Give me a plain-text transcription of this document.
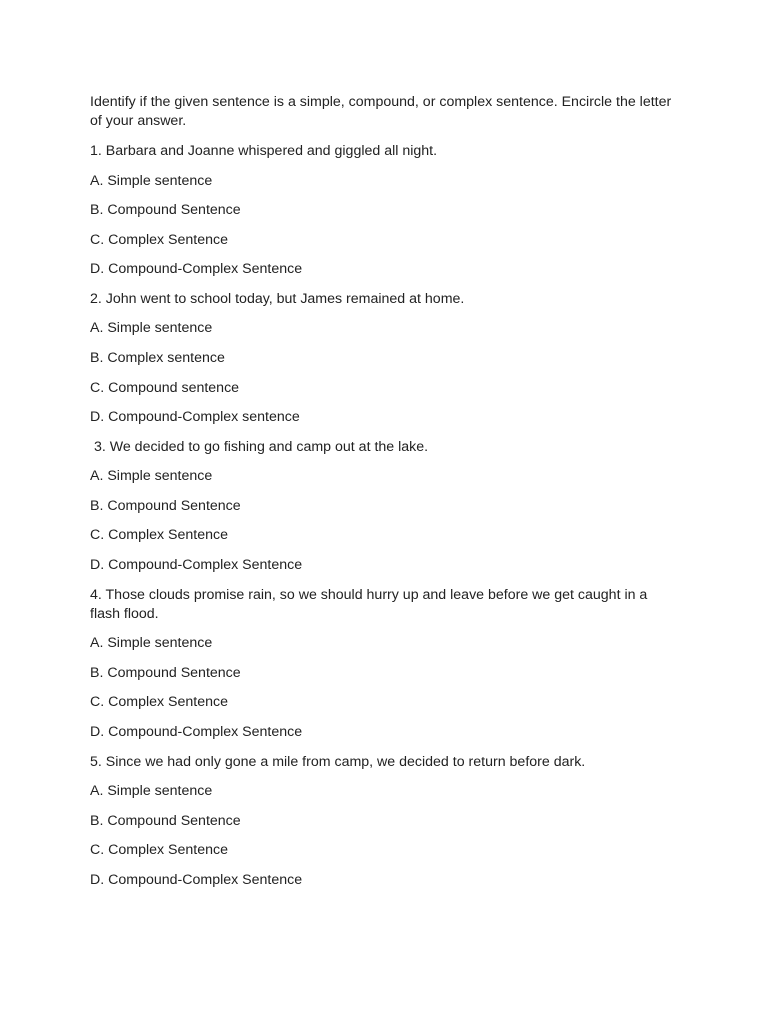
Identify if the given sentence is a simple, compound, or complex sentence. Encircle the letter of your answer.

1. Barbara and Joanne whispered and giggled all night.

A. Simple sentence

B. Compound Sentence

C. Complex Sentence

D. Compound-Complex Sentence

2. John went to school today, but James remained at home.

A. Simple sentence

B. Complex sentence

C. Compound sentence

D. Compound-Complex sentence

3. We decided to go fishing and camp out at the lake.

A. Simple sentence

B. Compound Sentence

C. Complex Sentence

D. Compound-Complex Sentence

4. Those clouds promise rain, so we should hurry up and leave before we get caught in a flash flood.

A. Simple sentence

B. Compound Sentence

C. Complex Sentence

D. Compound-Complex Sentence

5. Since we had only gone a mile from camp, we decided to return before dark.

A. Simple sentence

B. Compound Sentence

C. Complex Sentence

D. Compound-Complex Sentence
